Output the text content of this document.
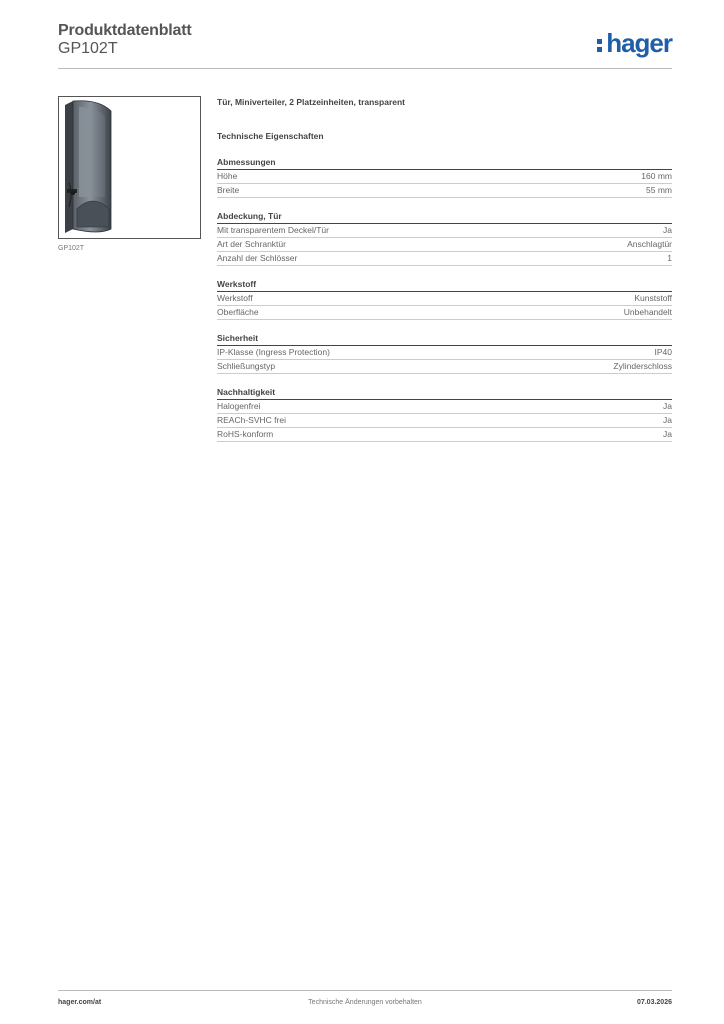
Produktdatenblatt
GP102T	hager
GP102T
Tür, Miniverteiler, 2 Platzeinheiten, transparent
Technische Eigenschaften
Abmessungen
Höhe	160 mm
Breite	55 mm
Abdeckung, Tür
Mit transparentem Deckel/Tür	Ja
Art der Schranktür	Anschlagtür
Anzahl der Schlösser	1
Werkstoff
Werkstoff	Kunststoff
Oberfläche	Unbehandelt
Sicherheit
IP-Klasse (Ingress Protection)	IP40
Schließungstyp	Zylinderschloss
Nachhaltigkeit
Halogenfrei	Ja
REACh-SVHC frei	Ja
RoHS-konform	Ja
hager.com/at	Technische Änderungen vorbehalten	07.03.2026
